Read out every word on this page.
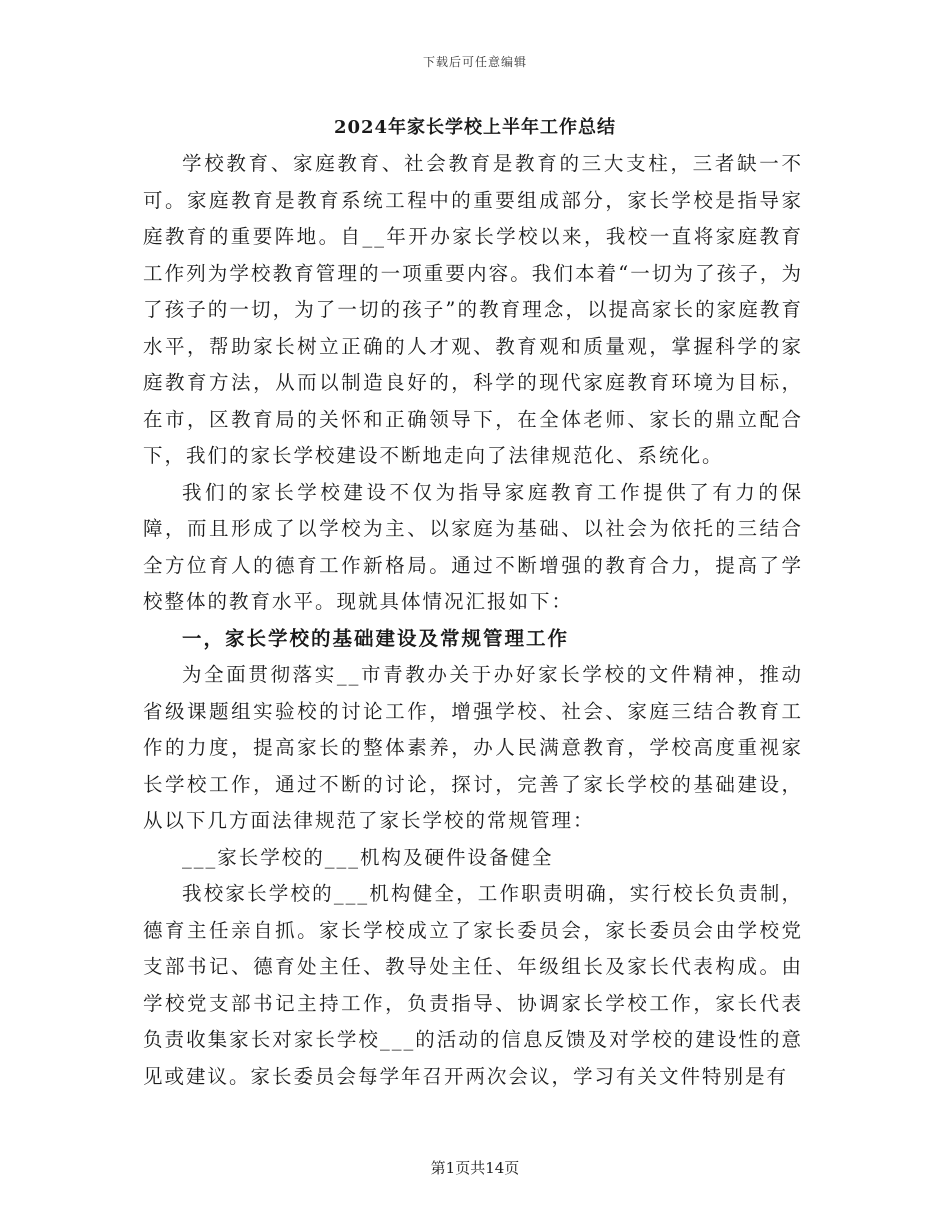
下载后可任意编辑
2024年家长学校上半年工作总结

学校教育、家庭教育、社会教育是教育的三大支柱，三者缺一不可。家庭教育是教育系统工程中的重要组成部分，家长学校是指导家庭教育的重要阵地。自__年开办家长学校以来，我校一直将家庭教育工作列为学校教育管理的一项重要内容。我们本着“一切为了孩子，为了孩子的一切，为了一切的孩子”的教育理念，以提高家长的家庭教育水平，帮助家长树立正确的人才观、教育观和质量观，掌握科学的家庭教育方法，从而以制造良好的，科学的现代家庭教育环境为目标，在市，区教育局的关怀和正确领导下，在全体老师、家长的鼎立配合下，我们的家长学校建设不断地走向了法律规范化、系统化。

我们的家长学校建设不仅为指导家庭教育工作提供了有力的保障，而且形成了以学校为主、以家庭为基础、以社会为依托的三结合全方位育人的德育工作新格局。通过不断增强的教育合力，提高了学校整体的教育水平。现就具体情况汇报如下：

一，家长学校的基础建设及常规管理工作

为全面贯彻落实__市青教办关于办好家长学校的文件精神，推动省级课题组实验校的讨论工作，增强学校、社会、家庭三结合教育工作的力度，提高家长的整体素养，办人民满意教育，学校高度重视家长学校工作，通过不断的讨论，探讨，完善了家长学校的基础建设，从以下几方面法律规范了家长学校的常规管理：

___家长学校的___机构及硬件设备健全

我校家长学校的___机构健全，工作职责明确，实行校长负责制，德育主任亲自抓。家长学校成立了家长委员会，家长委员会由学校党支部书记、德育处主任、教导处主任、年级组长及家长代表构成。由学校党支部书记主持工作，负责指导、协调家长学校工作，家长代表负责收集家长对家长学校___的活动的信息反馈及对学校的建设性的意见或建议。家长委员会每学年召开两次会议，学习有关文件特别是有

第1页共14页
